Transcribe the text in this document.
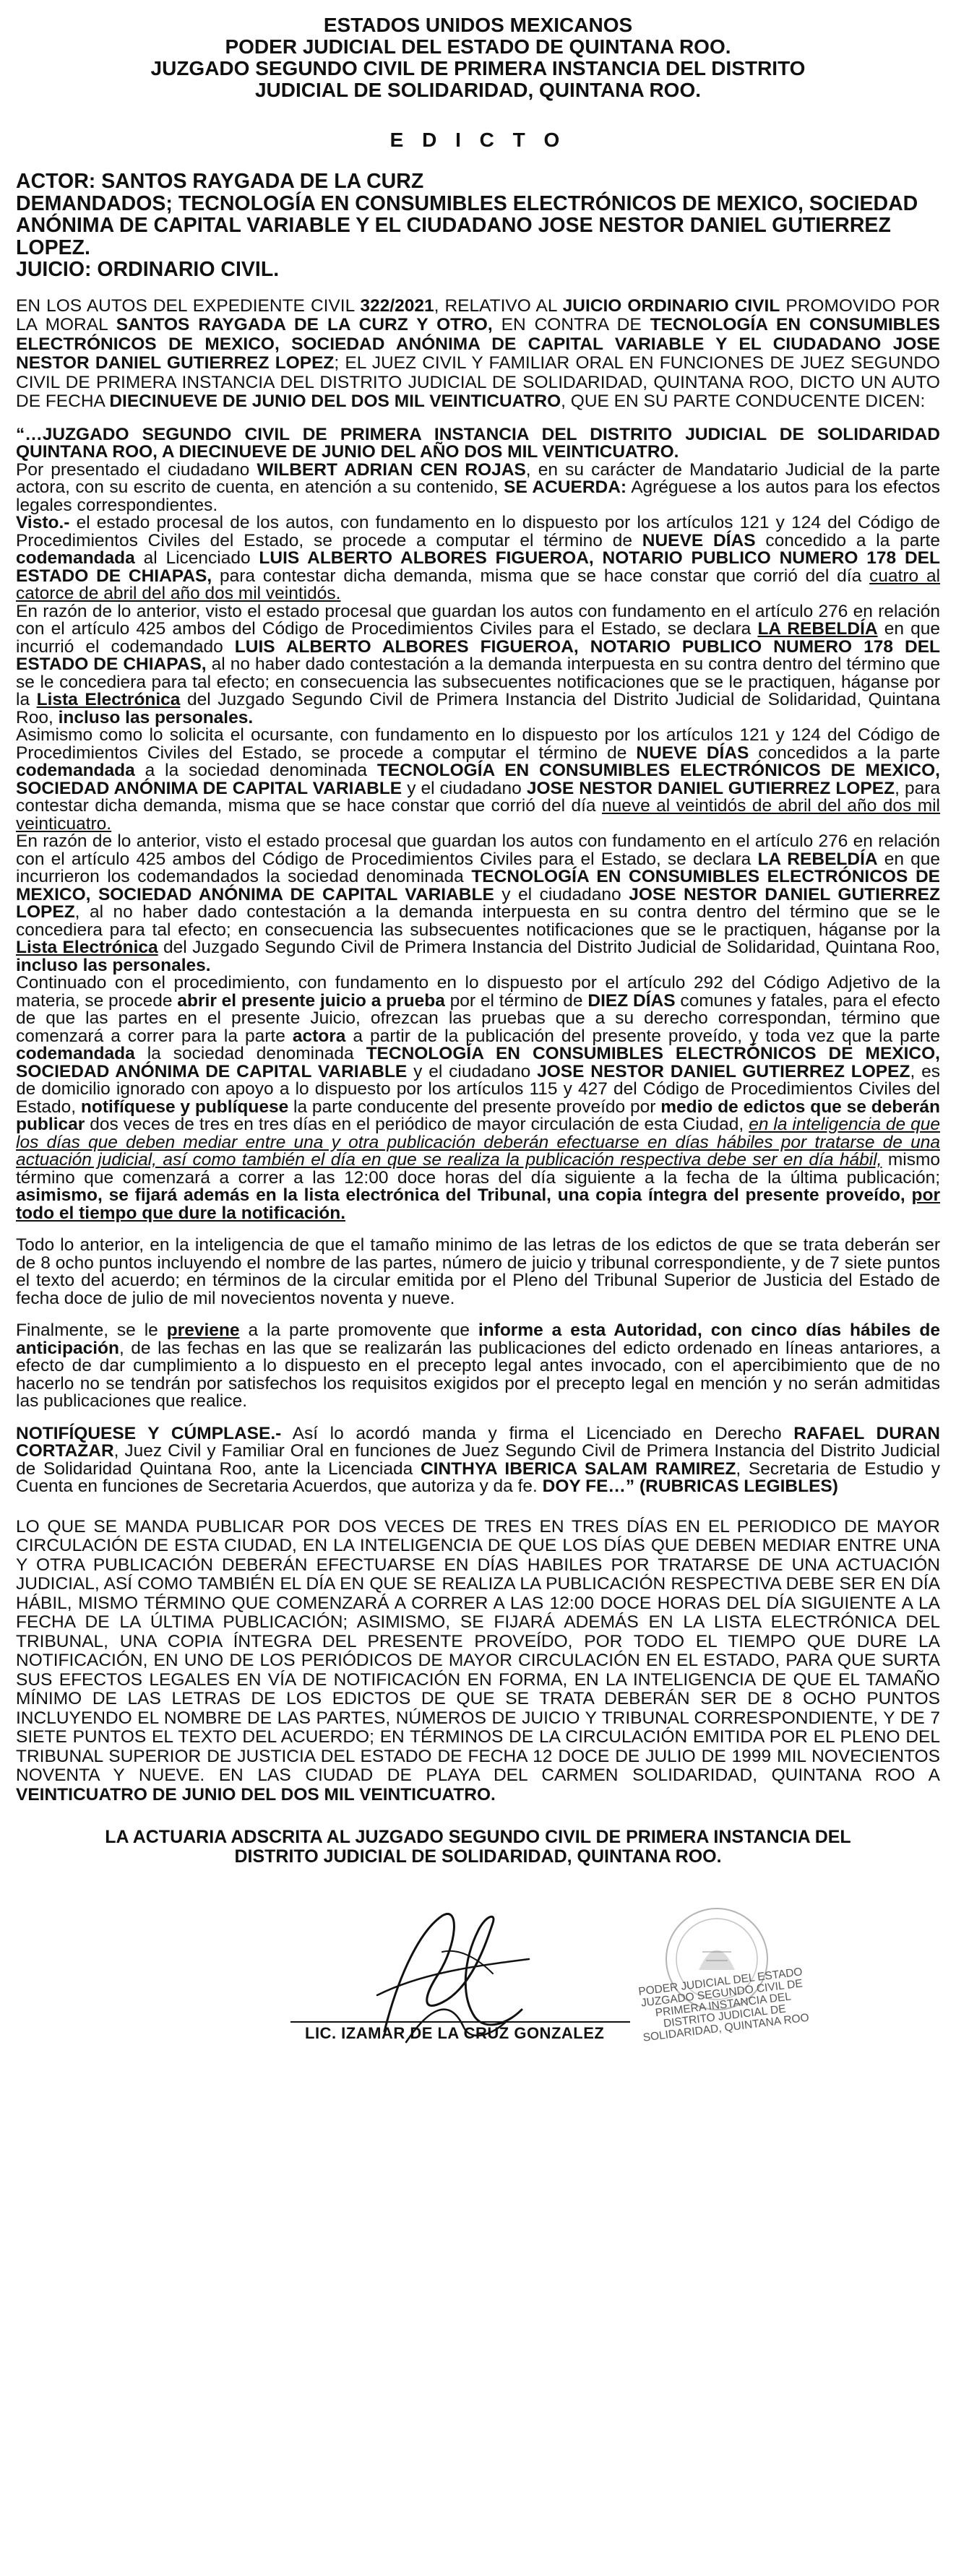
ESTADOS UNIDOS MEXICANOS
PODER JUDICIAL DEL ESTADO DE QUINTANA ROO.
JUZGADO SEGUNDO CIVIL DE PRIMERA INSTANCIA DEL DISTRITO
JUDICIAL DE SOLIDARIDAD, QUINTANA ROO.
E D I C T O
ACTOR: SANTOS RAYGADA DE LA CURZ
DEMANDADOS; TECNOLOGÍA EN CONSUMIBLES ELECTRÓNICOS DE MEXICO, SOCIEDAD ANÓNIMA DE CAPITAL VARIABLE Y EL CIUDADANO JOSE NESTOR DANIEL GUTIERREZ LOPEZ.
JUICIO: ORDINARIO CIVIL.

EN LOS AUTOS DEL EXPEDIENTE CIVIL 322/2021, RELATIVO AL JUICIO ORDINARIO CIVIL PROMOVIDO POR LA MORAL SANTOS RAYGADA DE LA CURZ Y OTRO, EN CONTRA DE TECNOLOGÍA EN CONSUMIBLES ELECTRÓNICOS DE MEXICO, SOCIEDAD ANÓNIMA DE CAPITAL VARIABLE Y EL CIUDADANO JOSE NESTOR DANIEL GUTIERREZ LOPEZ; EL JUEZ CIVIL Y FAMILIAR ORAL EN FUNCIONES DE JUEZ SEGUNDO CIVIL DE PRIMERA INSTANCIA DEL DISTRITO JUDICIAL DE SOLIDARIDAD, QUINTANA ROO, DICTO UN AUTO DE FECHA DIECINUEVE DE JUNIO DEL DOS MIL VEINTICUATRO, QUE EN SU PARTE CONDUCENTE DICEN:

“…JUZGADO SEGUNDO CIVIL DE PRIMERA INSTANCIA DEL DISTRITO JUDICIAL DE SOLIDARIDAD QUINTANA ROO, A DIECINUEVE DE JUNIO DEL AÑO DOS MIL VEINTICUATRO.

Por presentado el ciudadano WILBERT ADRIAN CEN ROJAS, en su carácter de Mandatario Judicial de la parte actora, con su escrito de cuenta, en atención a su contenido, SE ACUERDA: Agréguese a los autos para los efectos legales correspondientes.

Visto.- el estado procesal de los autos, con fundamento en lo dispuesto por los artículos 121 y 124 del Código de Procedimientos Civiles del Estado, se procede a computar el término de NUEVE DÍAS concedido a la parte codemandada al Licenciado LUIS ALBERTO ALBORES FIGUEROA, NOTARIO PUBLICO NUMERO 178 DEL ESTADO DE CHIAPAS, para contestar dicha demanda, misma que se hace constar que corrió del día cuatro al catorce de abril del año dos mil veintidós.

En razón de lo anterior, visto el estado procesal que guardan los autos con fundamento en el artículo 276 en relación con el artículo 425 ambos del Código de Procedimientos Civiles para el Estado, se declara LA REBELDÍA en que incurrió el codemandado LUIS ALBERTO ALBORES FIGUEROA, NOTARIO PUBLICO NUMERO 178 DEL ESTADO DE CHIAPAS, al no haber dado contestación a la demanda interpuesta en su contra dentro del término que se le concediera para tal efecto; en consecuencia las subsecuentes notificaciones que se le practiquen, háganse por la Lista Electrónica del Juzgado Segundo Civil de Primera Instancia del Distrito Judicial de Solidaridad, Quintana Roo, incluso las personales.

Asimismo como lo solicita el ocursante, con fundamento en lo dispuesto por los artículos 121 y 124 del Código de Procedimientos Civiles del Estado, se procede a computar el término de NUEVE DÍAS concedidos a la parte codemandada a la sociedad denominada TECNOLOGÍA EN CONSUMIBLES ELECTRÓNICOS DE MEXICO, SOCIEDAD ANÓNIMA DE CAPITAL VARIABLE y el ciudadano JOSE NESTOR DANIEL GUTIERREZ LOPEZ, para contestar dicha demanda, misma que se hace constar que corrió del día nueve al veintidós de abril del año dos mil veinticuatro.

En razón de lo anterior, visto el estado procesal que guardan los autos con fundamento en el artículo 276 en relación con el artículo 425 ambos del Código de Procedimientos Civiles para el Estado, se declara LA REBELDÍA en que incurrieron los codemandados la sociedad denominada TECNOLOGÍA EN CONSUMIBLES ELECTRÓNICOS DE MEXICO, SOCIEDAD ANÓNIMA DE CAPITAL VARIABLE y el ciudadano JOSE NESTOR DANIEL GUTIERREZ LOPEZ, al no haber dado contestación a la demanda interpuesta en su contra dentro del término que se le concediera para tal efecto; en consecuencia las subsecuentes notificaciones que se le practiquen, háganse por la Lista Electrónica del Juzgado Segundo Civil de Primera Instancia del Distrito Judicial de Solidaridad, Quintana Roo, incluso las personales.

Continuado con el procedimiento, con fundamento en lo dispuesto por el artículo 292 del Código Adjetivo de la materia, se procede abrir el presente juicio a prueba por el término de DIEZ DÍAS comunes y fatales, para el efecto de que las partes en el presente Juicio, ofrezcan las pruebas que a su derecho correspondan, término que comenzará a correr para la parte actora a partir de la publicación del presente proveído, y toda vez que la parte codemandada la sociedad denominada TECNOLOGÍA EN CONSUMIBLES ELECTRÓNICOS DE MEXICO, SOCIEDAD ANÓNIMA DE CAPITAL VARIABLE y el ciudadano JOSE NESTOR DANIEL GUTIERREZ LOPEZ, es de domicilio ignorado con apoyo a lo dispuesto por los artículos 115 y 427 del Código de Procedimientos Civiles del Estado, notifíquese y publíquese la parte conducente del presente proveído por medio de edictos que se deberán publicar dos veces de tres en tres días en el periódico de mayor circulación de esta Ciudad, en la inteligencia de que los días que deben mediar entre una y otra publicación deberán efectuarse en días hábiles por tratarse de una actuación judicial, así como también el día en que se realiza la publicación respectiva debe ser en día hábil, mismo término que comenzará a correr a las 12:00 doce horas del día siguiente a la fecha de la última publicación; asimismo, se fijará además en la lista electrónica del Tribunal, una copia íntegra del presente proveído, por todo el tiempo que dure la notificación.

Todo lo anterior, en la inteligencia de que el tamaño minimo de las letras de los edictos de que se trata deberán ser de 8 ocho puntos incluyendo el nombre de las partes, número de juicio y tribunal correspondiente, y de 7 siete puntos el texto del acuerdo; en términos de la circular emitida por el Pleno del Tribunal Superior de Justicia del Estado de fecha doce de julio de mil novecientos noventa y nueve.

Finalmente, se le previene a la parte promovente que informe a esta Autoridad, con cinco días hábiles de anticipación, de las fechas en las que se realizarán las publicaciones del edicto ordenado en líneas antariores, a efecto de dar cumplimiento a lo dispuesto en el precepto legal antes invocado, con el apercibimiento que de no hacerlo no se tendrán por satisfechos los requisitos exigidos por el precepto legal en mención y no serán admitidas las publicaciones que realice.

NOTIFÍQUESE Y CÚMPLASE.- Así lo acordó manda y firma el Licenciado en Derecho RAFAEL DURAN CORTAZAR, Juez Civil y Familiar Oral en funciones de Juez Segundo Civil de Primera Instancia del Distrito Judicial de Solidaridad Quintana Roo, ante la Licenciada CINTHYA IBERICA SALAM RAMIREZ, Secretaria de Estudio y Cuenta en funciones de Secretaria Acuerdos, que autoriza y da fe. DOY FE…” (RUBRICAS LEGIBLES)

LO QUE SE MANDA PUBLICAR POR DOS VECES DE TRES EN TRES DÍAS EN EL PERIODICO DE MAYOR CIRCULACIÓN DE ESTA CIUDAD, EN LA INTELIGENCIA DE QUE LOS DÍAS QUE DEBEN MEDIAR ENTRE UNA Y OTRA PUBLICACIÓN DEBERÁN EFECTUARSE EN DÍAS HABILES POR TRATARSE DE UNA ACTUACIÓN JUDICIAL, ASÍ COMO TAMBIÉN EL DÍA EN QUE SE REALIZA LA PUBLICACIÓN RESPECTIVA DEBE SER EN DÍA HÁBIL, MISMO TÉRMINO QUE COMENZARÁ A CORRER A LAS 12:00 DOCE HORAS DEL DÍA SIGUIENTE A LA FECHA DE LA ÚLTIMA PUBLICACIÓN; ASIMISMO, SE FIJARÁ ADEMÁS EN LA LISTA ELECTRÓNICA DEL TRIBUNAL, UNA COPIA ÍNTEGRA DEL PRESENTE PROVEÍDO, POR TODO EL TIEMPO QUE DURE LA NOTIFICACIÓN, EN UNO DE LOS PERIÓDICOS DE MAYOR CIRCULACIÓN EN EL ESTADO, PARA QUE SURTA SUS EFECTOS LEGALES EN VÍA DE NOTIFICACIÓN EN FORMA, EN LA INTELIGENCIA DE QUE EL TAMAÑO MÍNIMO DE LAS LETRAS DE LOS EDICTOS DE QUE SE TRATA DEBERÁN SER DE 8 OCHO PUNTOS INCLUYENDO EL NOMBRE DE LAS PARTES, NÚMEROS DE JUICIO Y TRIBUNAL CORRESPONDIENTE, Y DE 7 SIETE PUNTOS EL TEXTO DEL ACUERDO; EN TÉRMINOS DE LA CIRCULACIÓN EMITIDA POR EL PLENO DEL TRIBUNAL SUPERIOR DE JUSTICIA DEL ESTADO DE FECHA 12 DOCE DE JULIO DE 1999 MIL NOVECIENTOS NOVENTA Y NUEVE. EN LAS CIUDAD DE PLAYA DEL CARMEN SOLIDARIDAD, QUINTANA ROO A VEINTICUATRO DE JUNIO DEL DOS MIL VEINTICUATRO.
LA ACTUARIA ADSCRITA AL JUZGADO SEGUNDO CIVIL DE PRIMERA INSTANCIA DEL
DISTRITO JUDICIAL DE SOLIDARIDAD, QUINTANA ROO.
PODER JUDICIAL DEL ESTADO JUZGADO SEGUNDO CIVIL DE PRIMERA INSTANCIA DEL DISTRITO JUDICIAL DE SOLIDARIDAD, QUINTANA ROO
LIC. IZAMAR DE LA CRUZ GONZALEZ
